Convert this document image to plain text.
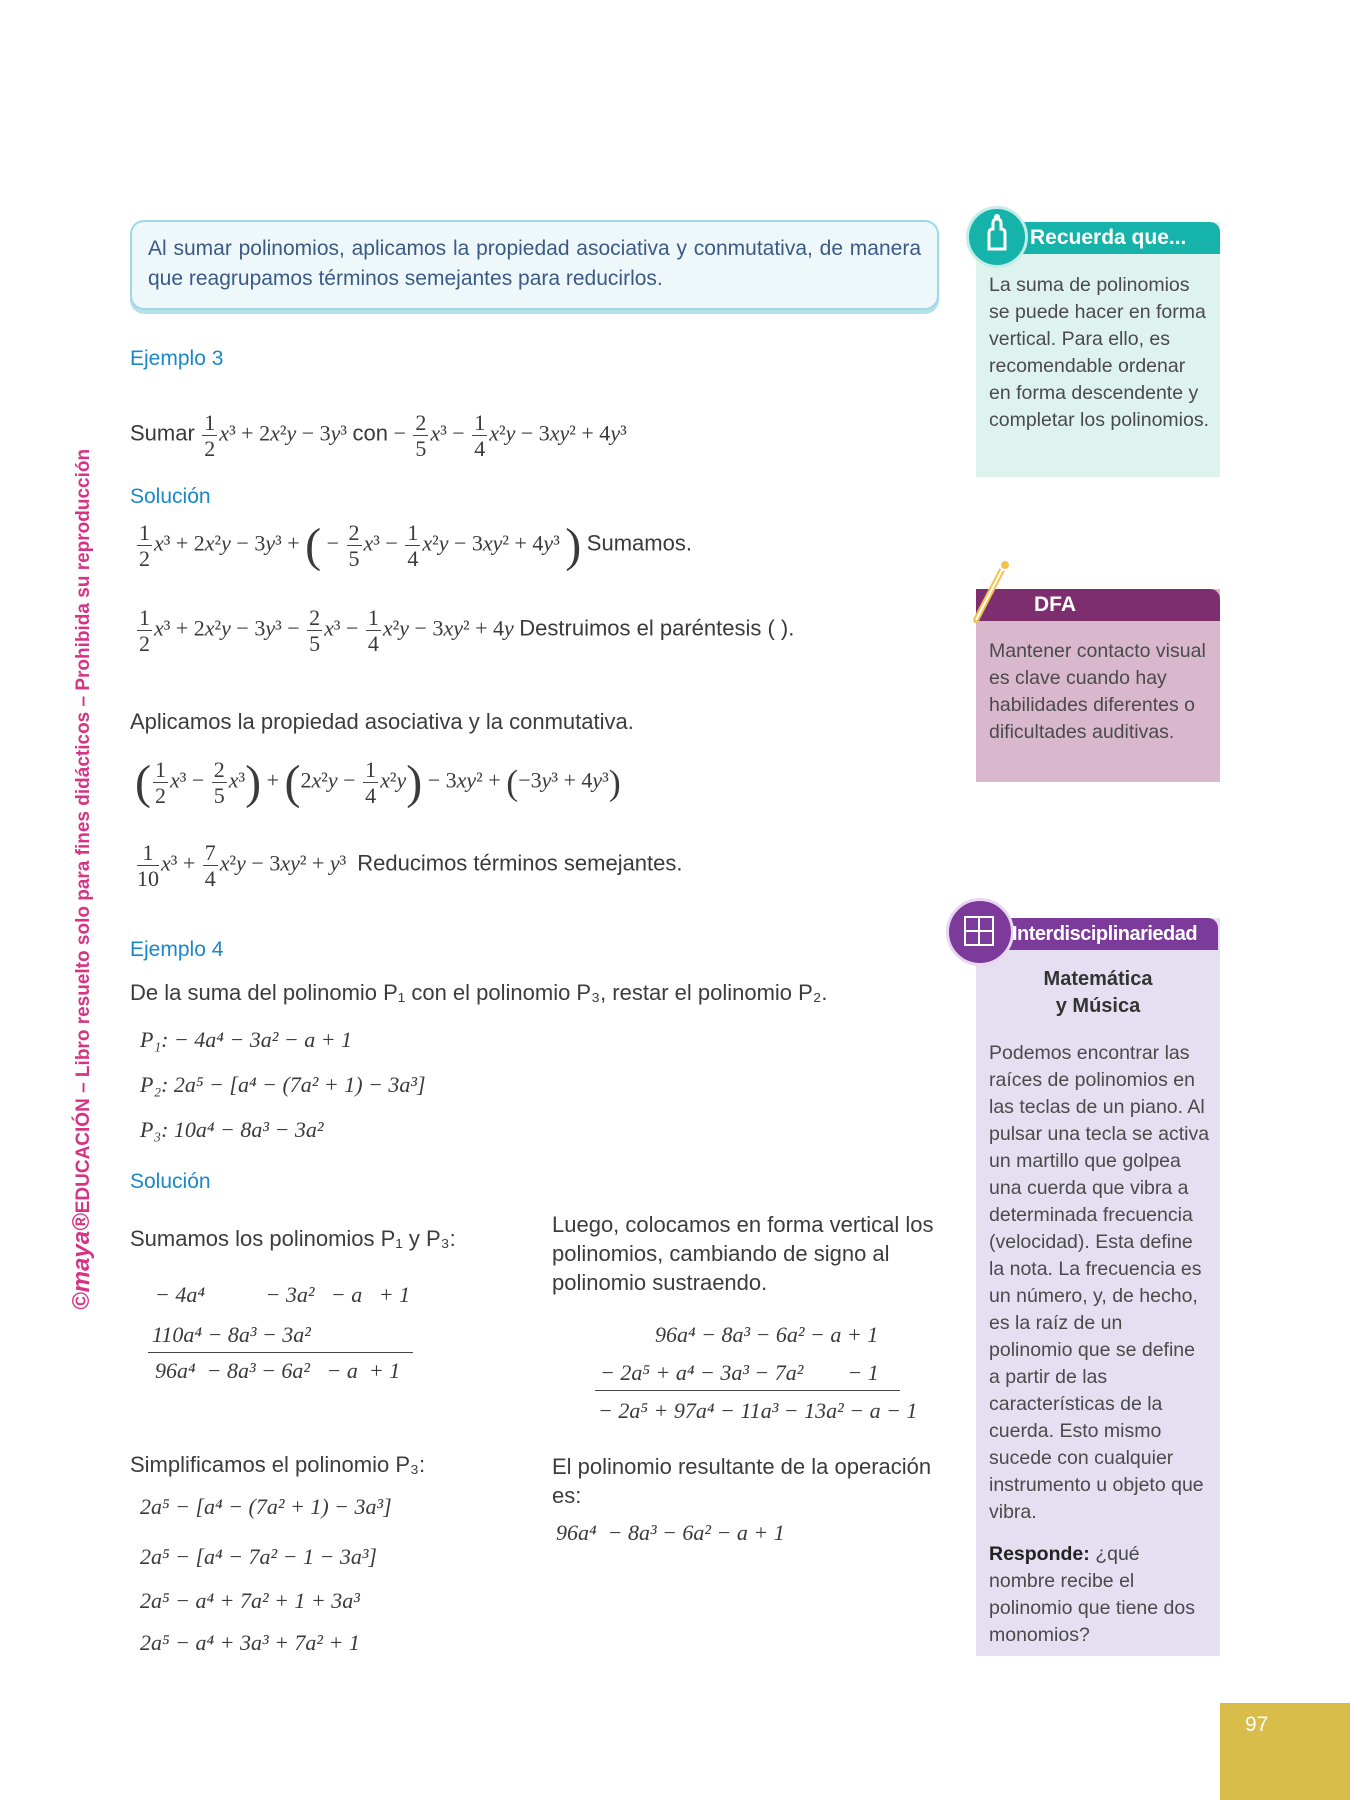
©maya®EDUCACIÓN – Libro resuelto solo para fines didácticos – Prohibida su reproducción

Al sumar polinomios, aplicamos la propiedad asociativa y conmutativa, de manera que reagrupamos términos semejantes para reducirlos.

Ejemplo 3
Sumar $\frac{1}{2} x^3 + 2x^2y - 3y^3$ con − $\frac{2}{5} x^3 - \frac{1}{4} x^2y - 3xy^2 + 4y^3$
Solución
$\frac{1}{2} x^3 + 2x^2y - 3y^3$ + ( − $\frac{2}{5} x^3 - \frac{1}{4} x^2y - 3xy^2 + 4y^3$ ) Sumamos.
$\frac{1}{2} x^3 + 2x^2y - 3y^3 - \frac{2}{5} x^3 - \frac{1}{4} x^2y - 3xy^2 + 4y$ Destruimos el paréntesis ( ).
Aplicamos la propiedad asociativa y la conmutativa.
( $\frac{1}{2} x^3 - \frac{2}{5} x^3) + (2x^2y - \frac{1}{4} x^2y) - 3xy^2 + (-3y^3 + 4y^3)$
$\frac{1}{10} x^3 + \frac{7}{4} x^2y - 3xy^2 + y^3$  Reducimos términos semejantes.
Ejemplo 4
De la suma del polinomio P₁ con el polinomio P₃, restar el polinomio P₂.
P₁: − 4a⁴ − 3a² − a + 1
P₂: 2a⁵ − [a⁴ − (7a² + 1) − 3a³]
P₃: 10a⁴ − 8a³ − 3a²
Solución
Sumamos los polinomios P₁ y P₃:
− 4a⁴           − 3a²   − a   + 1
110a⁴ − 8a³ − 3a²
96a⁴  − 8a³ − 6a²   − a  + 1
Simplificamos el polinomio P₃:
2a⁵ − [a⁴ − (7a² + 1) − 3a³]
2a⁵ − [a⁴ − 7a² − 1 − 3a³]
2a⁵ − a⁴ + 7a² + 1 + 3a³
2a⁵ − a⁴ + 3a³ + 7a² + 1
Luego, colocamos en forma vertical los polinomios, cambiando de signo al polinomio sustraendo.
96a⁴ − 8a³ − 6a² − a + 1
− 2a⁵ + a⁴ − 3a³ − 7a²        − 1
− 2a⁵ + 97a⁴ − 11a³ − 13a² − a − 1
El polinomio resultante de la operación es:
96a⁴  − 8a³ − 6a² − a + 1
Recuerda que...
La suma de polinomios se puede hacer en forma vertical. Para ello, es recomendable ordenar en forma descendente y completar los polinomios.
DFA
Mantener contacto visual es clave cuando hay habilidades diferentes o dificultades auditivas.
Interdisciplinariedad
Matemática
y Música
Podemos encontrar las raíces de polinomios en las teclas de un piano. Al pulsar una tecla se activa un martillo que golpea una cuerda que vibra a determinada frecuencia (velocidad). Esta define la nota. La frecuencia es un número, y, de hecho, es la raíz de un polinomio que se define a partir de las características de la cuerda. Esto mismo sucede con cualquier instrumento u objeto que vibra.
Responde: ¿qué nombre recibe el polinomio que tiene dos monomios?
97
